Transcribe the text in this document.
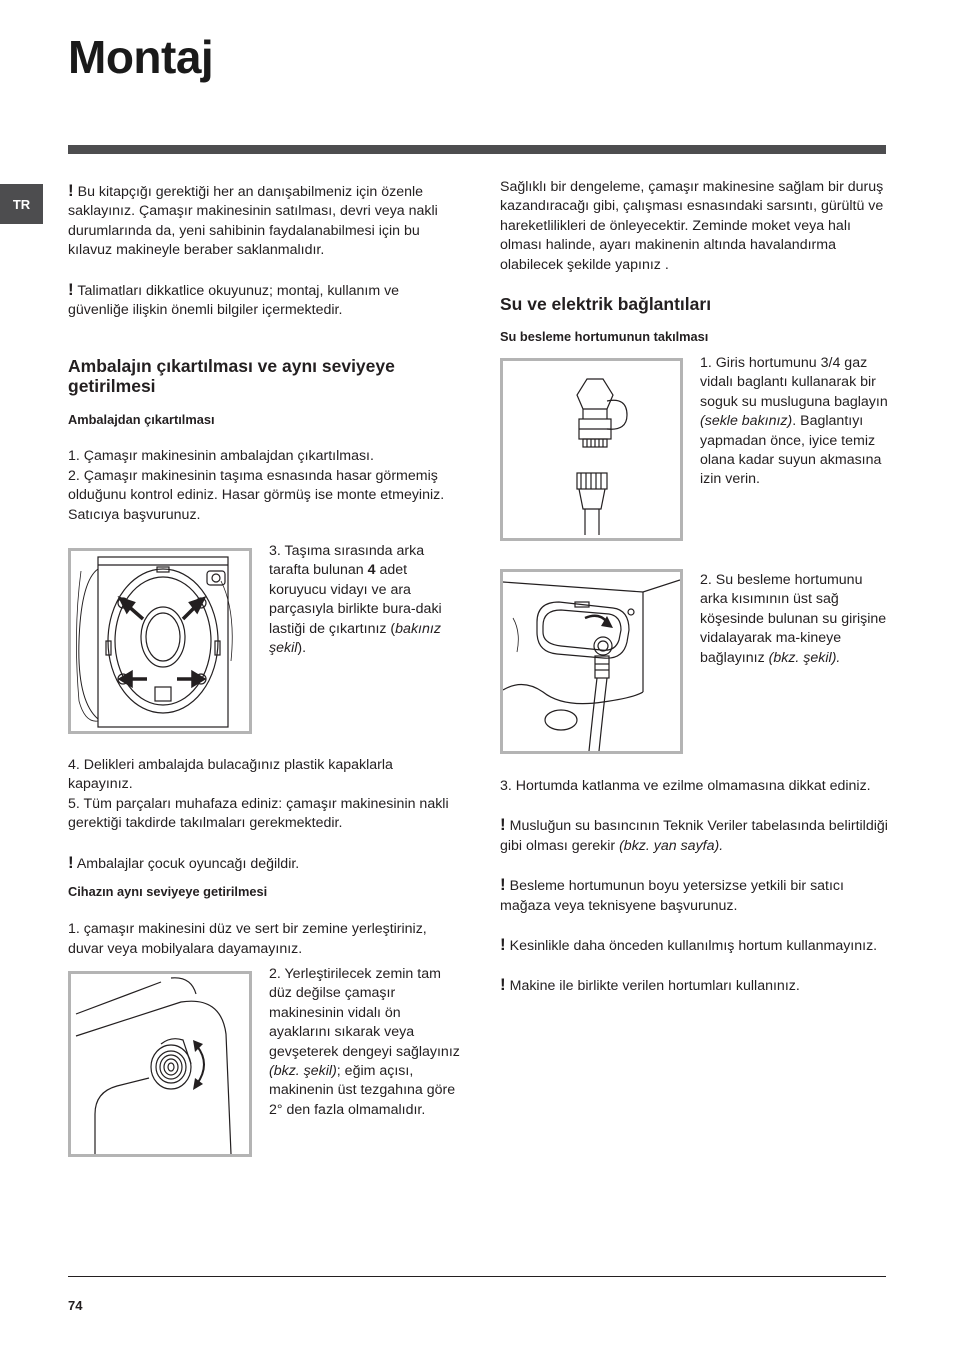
Montaj
TR

! Bu kitapçığı gerektiği her an danışabilmeniz için özenle saklayınız. Çamaşır makinesinin satılması, devri veya nakli durumlarında da, yeni sahibinin faydalanabilmesi için bu kılavuz makineyle beraber saklanmalıdır.

! Talimatları dikkatlice okuyunuz; montaj, kullanım ve güvenliğe ilişkin önemli bilgiler içermektedir.

Ambalajın çıkartılması ve aynı seviyeye getirilmesi
Ambalajdan çıkartılması

1. Çamaşır makinesinin ambalajdan çıkartılması.

2. Çamaşır makinesinin taşıma esnasında hasar görmemiş olduğunu kontrol ediniz. Hasar görmüş ise monte etmeyiniz. Satıcıya başvurunuz.

3. Taşıma sırasında arka tarafta bulunan 4 adet koruyucu vidayı ve ara parçasıyla birlikte bura-daki lastiği de çıkartınız (bakınız şekil).

4. Delikleri ambalajda bulacağınız plastik kapaklarla kapayınız.

5. Tüm parçaları muhafaza ediniz: çamaşır makinesinin nakli gerektiği takdirde takılmaları gerekmektedir.

! Ambalajlar çocuk oyuncağı değildir.

Cihazın aynı seviyeye getirilmesi

1. çamaşır makinesini düz ve sert bir zemine yerleştiriniz, duvar veya mobilyalara dayamayınız.

2. Yerleştirilecek zemin tam düz değilse çamaşır makinesinin vidalı ön ayaklarını sıkarak veya gevşeterek dengeyi sağlayınız (bkz. şekil); eğim açısı, makinenin üst tezgahına göre 2° den fazla olmamalıdır.

Sağlıklı bir dengeleme, çamaşır makinesine sağlam bir duruş kazandıracağı gibi, çalışması esnasındaki sarsıntı, gürültü ve hareketlilikleri de önleyecektir. Zeminde moket veya halı olması halinde, ayarı makinenin altında havalandırma olabilecek şekilde yapınız .

Su ve elektrik bağlantıları
Su besleme hortumunun takılması
1. Giris hortumunu 3/4 gaz vidalı baglantı kullanarak bir soguk su musluguna baglayın (sekle bakınız). Baglantıyı yapmadan önce, iyice temiz olana kadar suyun akmasına izin verin.
2. Su besleme hortumunu arka kısımının üst sağ köşesinde bulunan su girişine vidalayarak ma-kineye bağlayınız (bkz. şekil).

3. Hortumda katlanma ve ezilme olmamasına dikkat ediniz.

! Musluğun su basıncının Teknik Veriler tabelasında belirtildiği gibi olması gerekir (bkz. yan sayfa).

! Besleme hortumunun boyu yetersizse yetkili bir satıcı mağaza veya teknisyene başvurunuz.

! Kesinlikle daha önceden kullanılmış hortum kullanmayınız.

! Makine ile birlikte verilen hortumları kullanınız.

74
